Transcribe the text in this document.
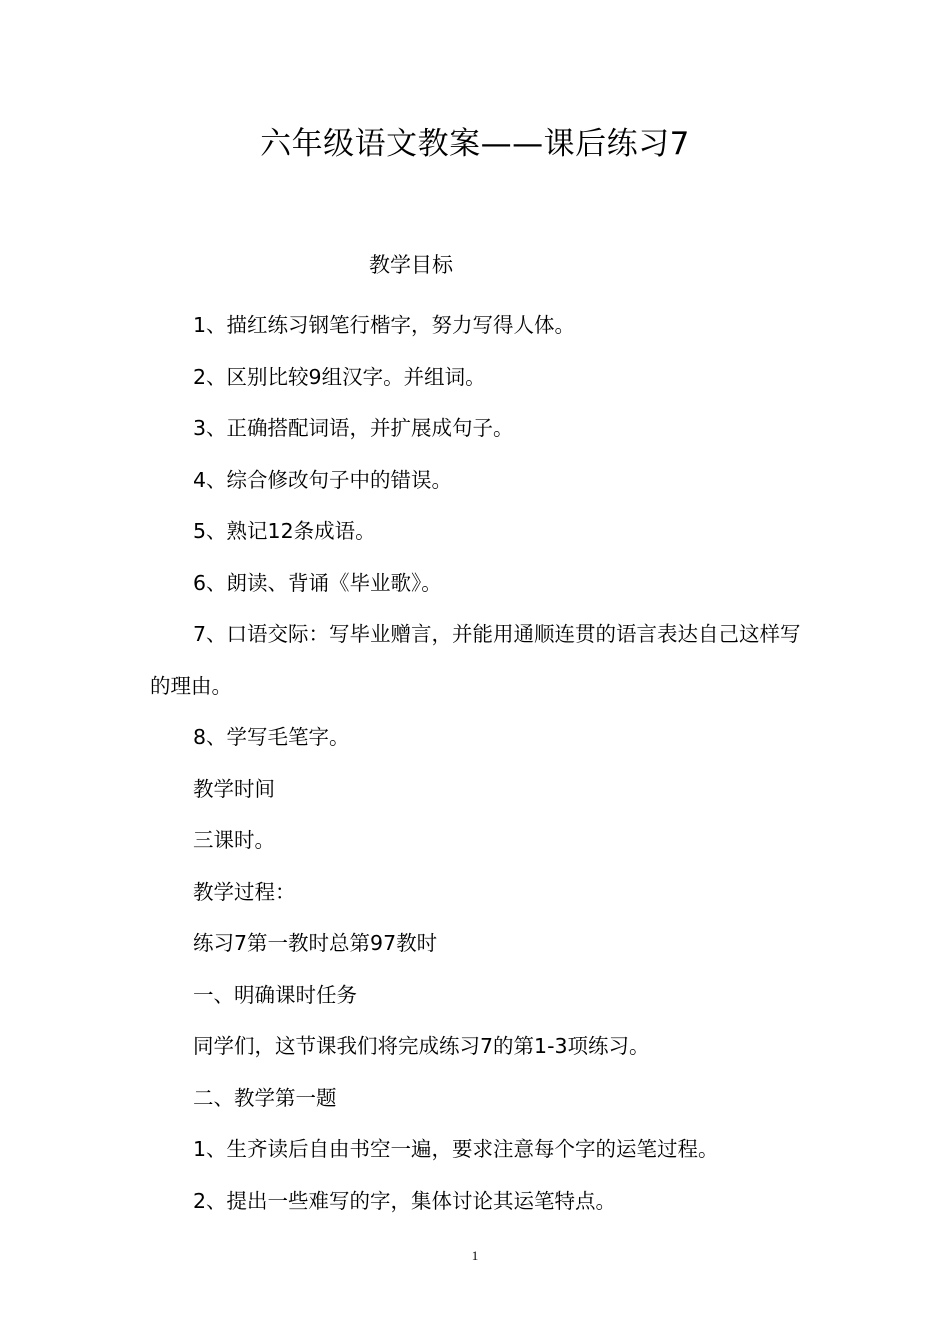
六年级语文教案——课后练习7
教学目标

1、描红练习钢笔行楷字，努力写得人体。

2、区别比较9组汉字。并组词。

3、正确搭配词语，并扩展成句子。

4、综合修改句子中的错误。

5、熟记12条成语。

6、朗读、背诵《毕业歌》。

7、口语交际：写毕业赠言，并能用通顺连贯的语言表达自己这样写的理由。

8、学写毛笔字。

教学时间

三课时。

教学过程：

练习7第一教时总第97教时

一、明确课时任务

同学们，这节课我们将完成练习7的第1-3项练习。

二、教学第一题

1、生齐读后自由书空一遍，要求注意每个字的运笔过程。

2、提出一些难写的字，集体讨论其运笔特点。

1
